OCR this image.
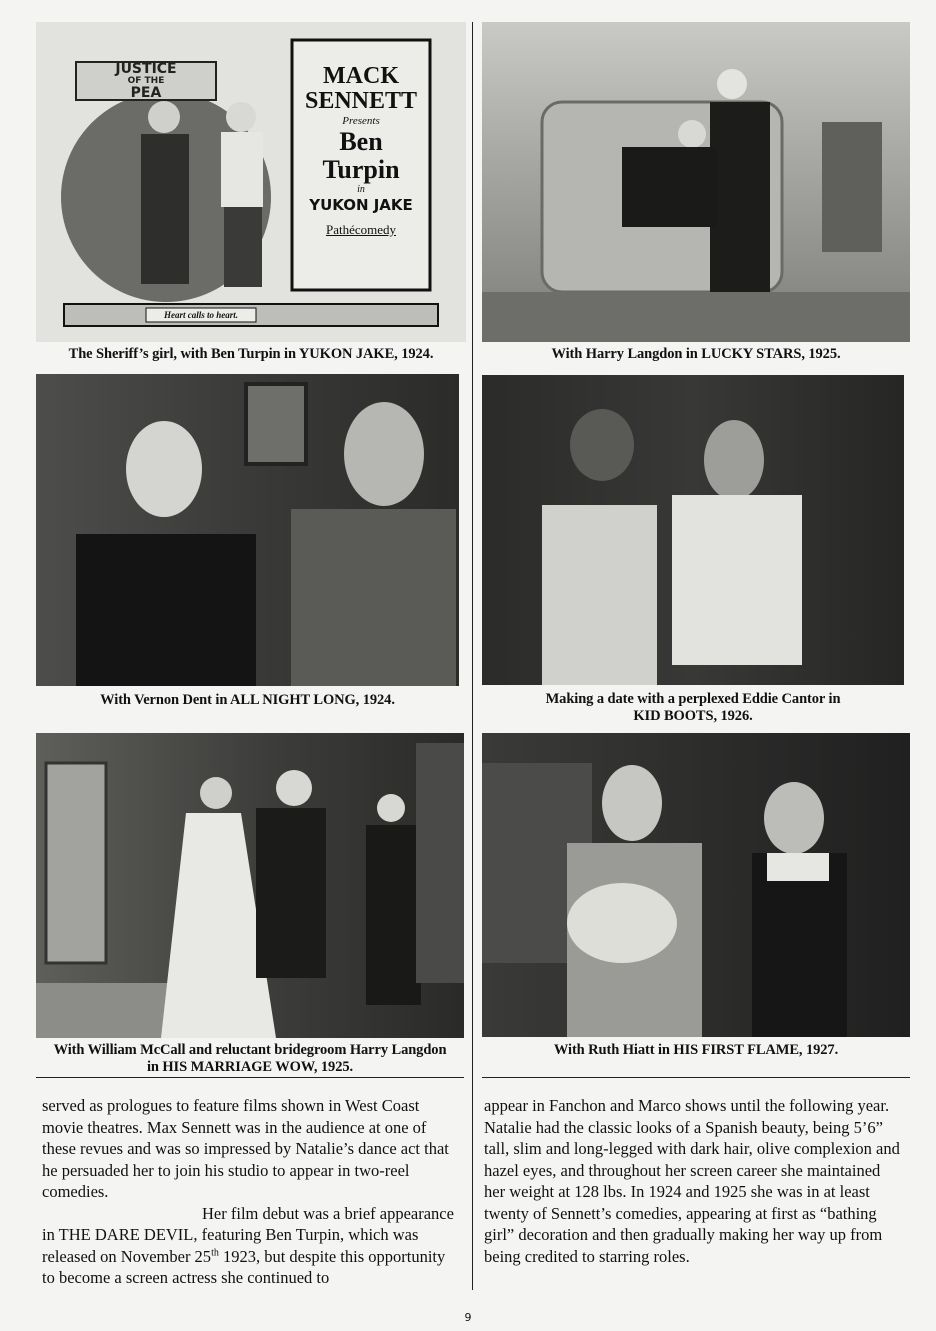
JUSTICE
OF THE
PEA
MACK
SENNETT
Presents
Ben
Turpin
in
YUKON JAKE
Pathécomedy
Heart calls to heart.
The Sheriff’s girl, with Ben Turpin in YUKON JAKE, 1924.	With Harry Langdon in LUCKY STARS, 1925.
With Vernon Dent in ALL NIGHT LONG, 1924.	Making a date with a perplexed Eddie Cantor in
KID BOOTS, 1926.
With William McCall and reluctant bridegroom Harry Langdon
in HIS MARRIAGE WOW, 1925.
With Ruth Hiatt in HIS FIRST FLAME, 1927.

served as prologues to feature films shown in West Coast movie theatres. Max Sennett was in the audience at one of these revues and was so impressed by Natalie’s dance act that he persuaded her to join his studio to appear in two-reel comedies.

Her film debut was a brief appearance in THE DARE DEVIL, featuring Ben Turpin, which was released on November 25th 1923, but despite this opportunity to become a screen actress she continued to

appear in Fanchon and Marco shows until the following year. Natalie had the classic looks of a Spanish beauty, being 5’6” tall, slim and long-legged with dark hair, olive complexion and hazel eyes, and throughout her screen career she maintained her weight at 128 lbs. In 1924 and 1925 she was in at least twenty of Sennett’s comedies, appearing at first as “bathing girl” decoration and then gradually making her way up from being credited to starring roles.

9
